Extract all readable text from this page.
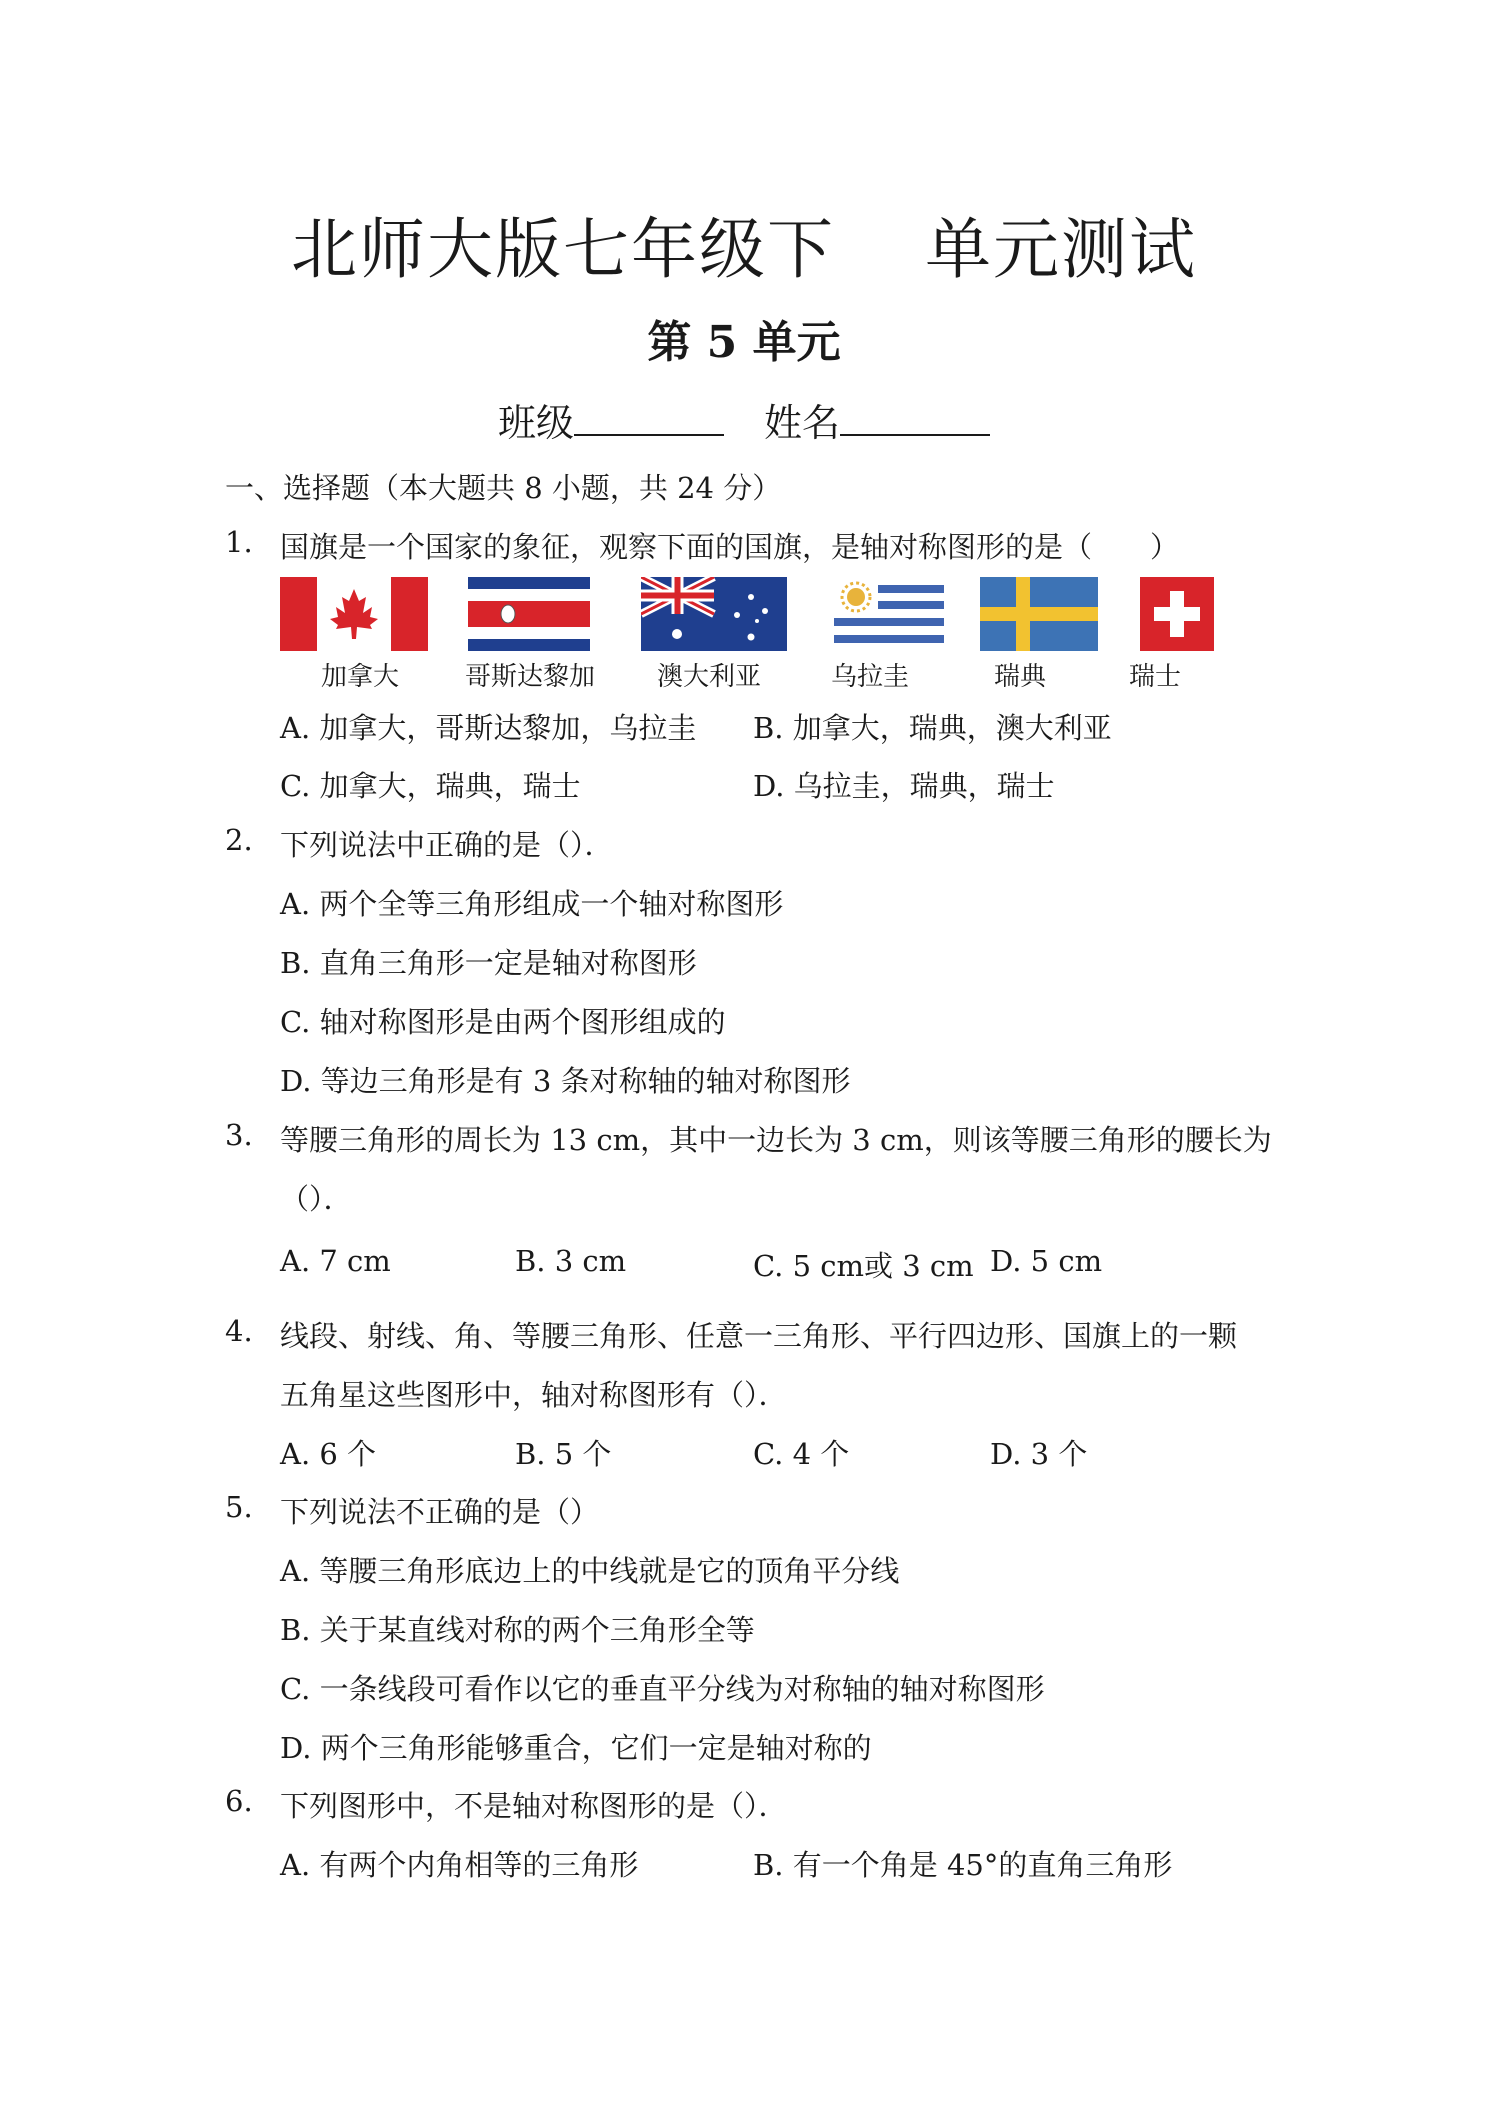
北师大版七年级下 单元测试
第 5 单元
班级	姓名
一、选择题（本大题共 8 小题，共 24 分）
1. 国旗是一个国家的象征，观察下面的国旗，是轴对称图形的是（　　）
加拿大	哥斯达黎加	澳大利亚	乌拉圭	瑞典	瑞士
A. 加拿大，哥斯达黎加，乌拉圭 B. 加拿大，瑞典，澳大利亚
C. 加拿大，瑞典，瑞士	D. 乌拉圭，瑞典，瑞士
2. 下列说法中正确的是（）．
A. 两个全等三角形组成一个轴对称图形
B. 直角三角形一定是轴对称图形
C. 轴对称图形是由两个图形组成的
D. 等边三角形是有 3 条对称轴的轴对称图形
3. 等腰三角形的周长为 13 cm，其中一边长为 3 cm，则该等腰三角形的腰长为
（）．
A. 7 cm	B. 3 cm	C. 5 cm或 3 cm D. 5 cm
4. 线段、射线、角、等腰三角形、任意一三角形、平行四边形、国旗上的一颗
五角星这些图形中，轴对称图形有（）．
A. 6 个	B. 5 个	C. 4 个	D. 3 个
5. 下列说法不正确的是（）
A. 等腰三角形底边上的中线就是它的顶角平分线
B. 关于某直线对称的两个三角形全等
C. 一条线段可看作以它的垂直平分线为对称轴的轴对称图形
D. 两个三角形能够重合，它们一定是轴对称的
6. 下列图形中，不是轴对称图形的是（）．
A. 有两个内角相等的三角形	B. 有一个角是 45°的直角三角形
